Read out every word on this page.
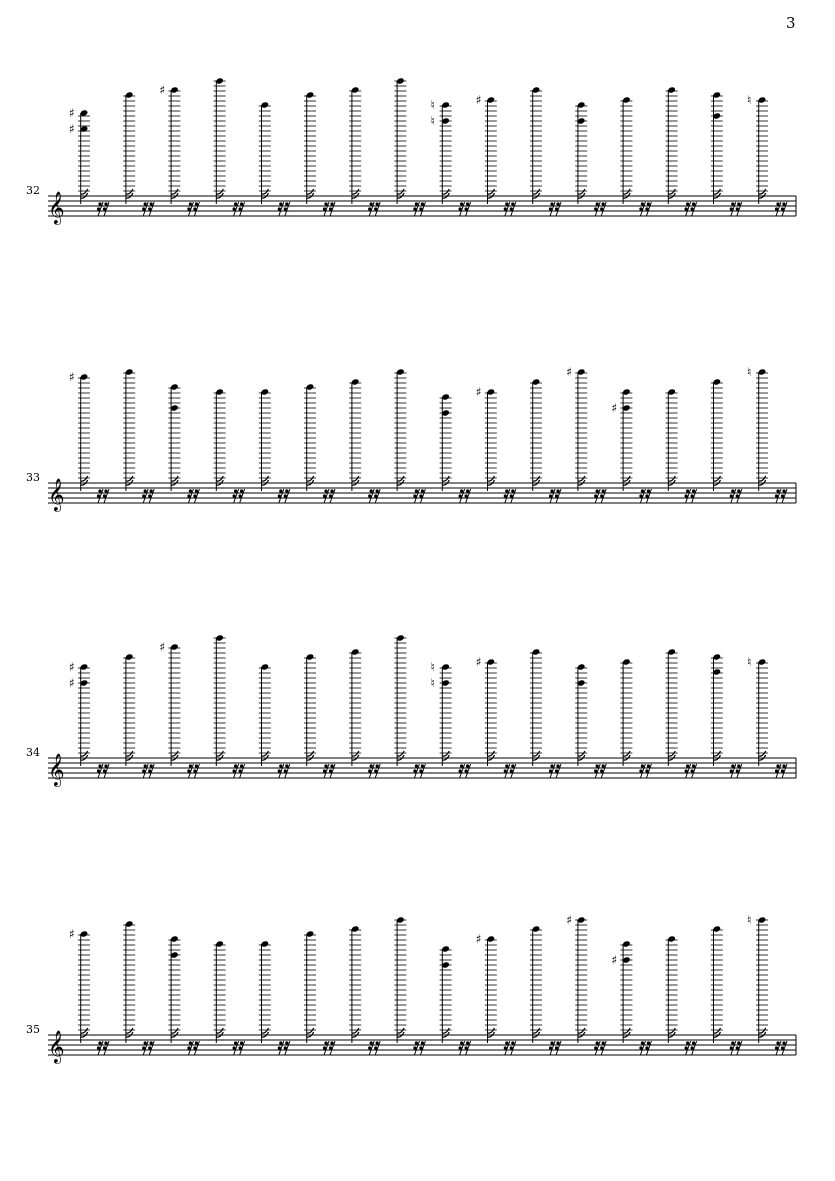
3
32
𝄞
♯
♯
♯
♮
♮
♯	♮
33
𝄞
♯
♯
♯
♯
♮
34
𝄞
♯
♯
♯
♮
♮
♯	♮
35
𝄞
♯	♯
♯
♯
♮
